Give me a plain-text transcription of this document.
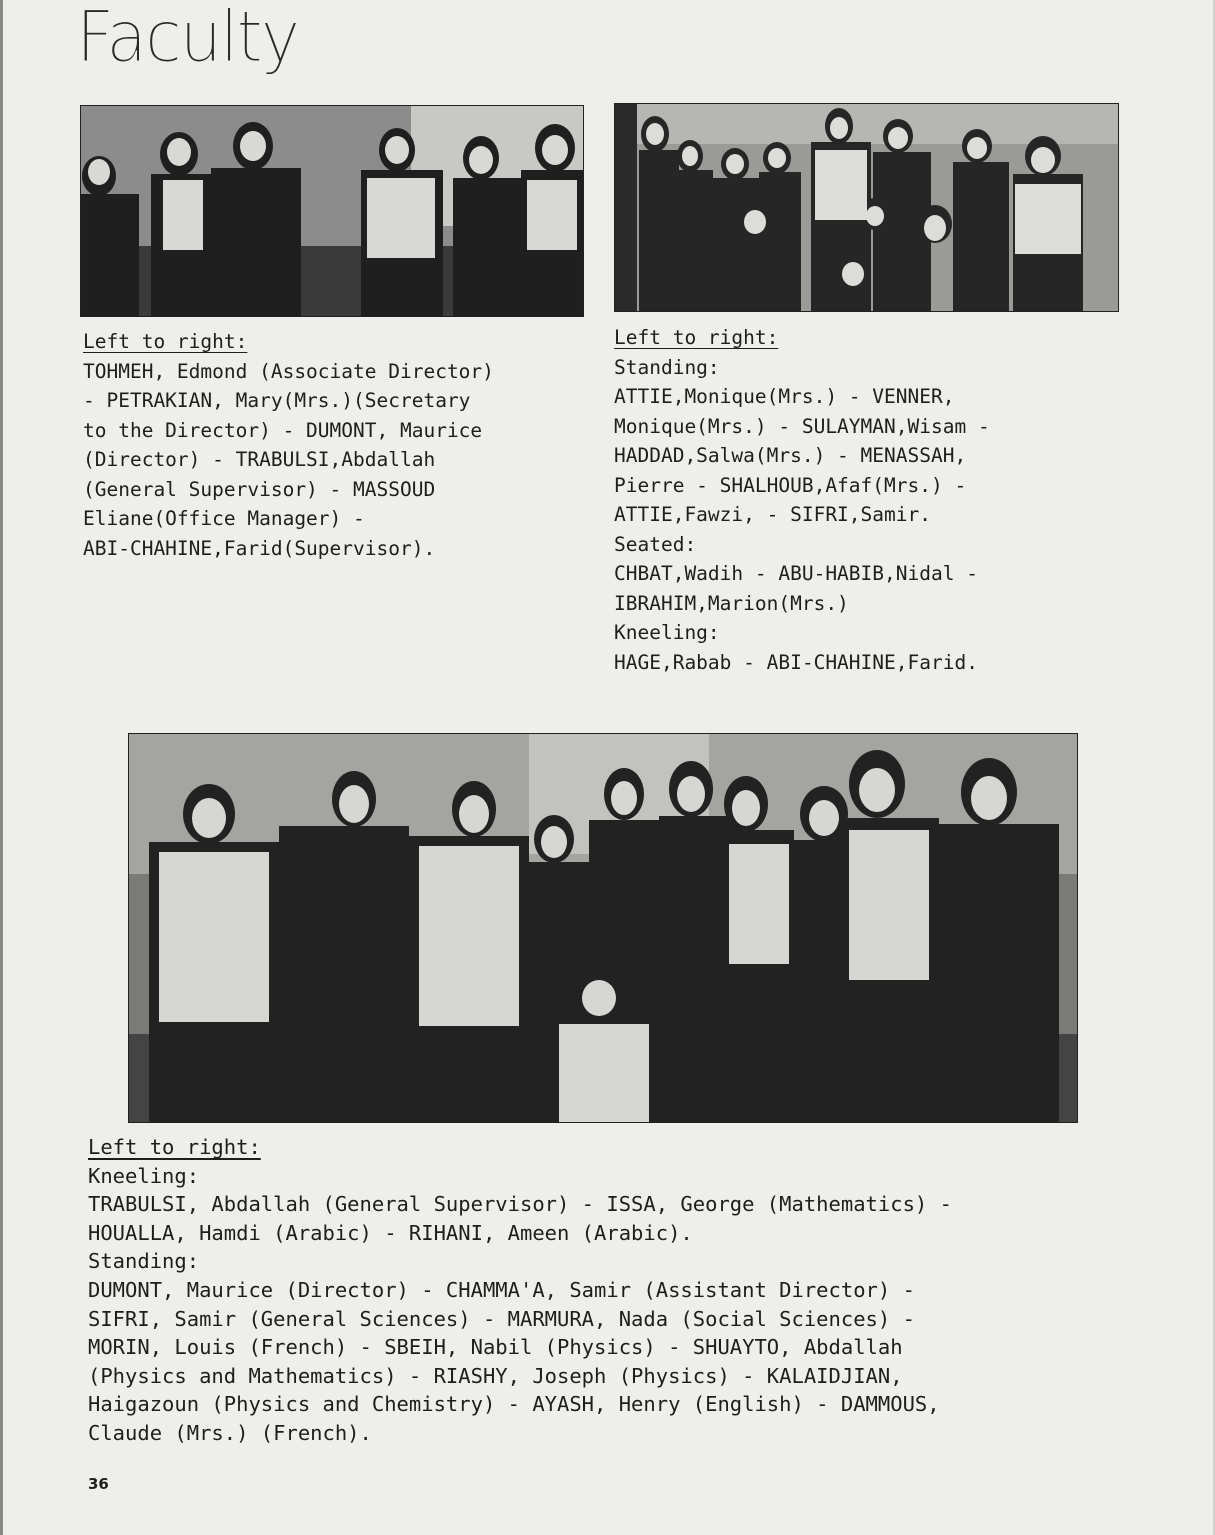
Faculty
Left to right:
TOHMEH, Edmond (Associate Director)
- PETRAKIAN, Mary(Mrs.)(Secretary
to the Director) - DUMONT, Maurice
(Director) - TRABULSI,Abdallah
(General Supervisor) - MASSOUD
Eliane(Office Manager) -
ABI-CHAHINE,Farid(Supervisor).
Left to right:
Standing:
ATTIE,Monique(Mrs.) - VENNER,
Monique(Mrs.) - SULAYMAN,Wisam -
HADDAD,Salwa(Mrs.) - MENASSAH,
Pierre - SHALHOUB,Afaf(Mrs.) -
ATTIE,Fawzi, - SIFRI,Samir.
Seated:
CHBAT,Wadih - ABU-HABIB,Nidal -
IBRAHIM,Marion(Mrs.)
Kneeling:
HAGE,Rabab - ABI-CHAHINE,Farid.
Left to right:
Kneeling:
TRABULSI, Abdallah (General Supervisor) - ISSA, George (Mathematics) -
HOUALLA, Hamdi (Arabic) - RIHANI, Ameen (Arabic).
Standing:
DUMONT, Maurice (Director) - CHAMMA'A, Samir (Assistant Director) -
SIFRI, Samir (General Sciences) - MARMURA, Nada (Social Sciences) -
MORIN, Louis (French) - SBEIH, Nabil (Physics) - SHUAYTO, Abdallah
(Physics and Mathematics) - RIASHY, Joseph (Physics) - KALAIDJIAN,
Haigazoun (Physics and Chemistry) - AYASH, Henry (English) - DAMMOUS,
Claude (Mrs.) (French).
36
